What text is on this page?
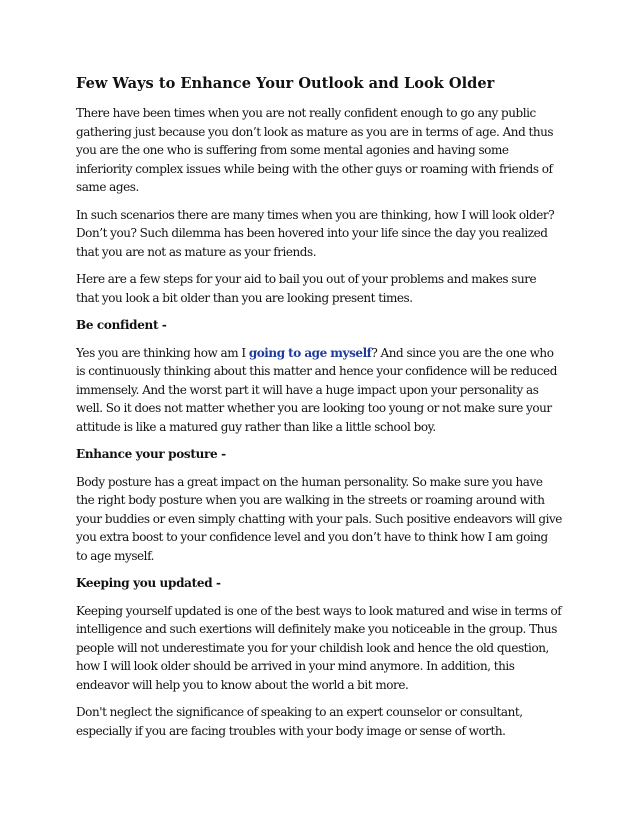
Few Ways to Enhance Your Outlook and Look Older

There have been times when you are not really confident enough to go any public gathering just because you don’t look as mature as you are in terms of age. And thus you are the one who is suffering from some mental agonies and having some inferiority complex issues while being with the other guys or roaming with friends of same ages.

In such scenarios there are many times when you are thinking, how I will look older? Don’t you? Such dilemma has been hovered into your life since the day you realized that you are not as mature as your friends.

Here are a few steps for your aid to bail you out of your problems and makes sure that you look a bit older than you are looking present times.

Be confident -

Yes you are thinking how am I going to age myself? And since you are the one who is continuously thinking about this matter and hence your confidence will be reduced immensely. And the worst part it will have a huge impact upon your personality as well. So it does not matter whether you are looking too young or not make sure your attitude is like a matured guy rather than like a little school boy.

Enhance your posture -

Body posture has a great impact on the human personality. So make sure you have the right body posture when you are walking in the streets or roaming around with your buddies or even simply chatting with your pals. Such positive endeavors will give you extra boost to your confidence level and you don’t have to think how I am going to age myself.

Keeping you updated -

Keeping yourself updated is one of the best ways to look matured and wise in terms of intelligence and such exertions will definitely make you noticeable in the group. Thus people will not underestimate you for your childish look and hence the old question, how I will look older should be arrived in your mind anymore. In addition, this endeavor will help you to know about the world a bit more.

Don't neglect the significance of speaking to an expert counselor or consultant, especially if you are facing troubles with your body image or sense of worth.
